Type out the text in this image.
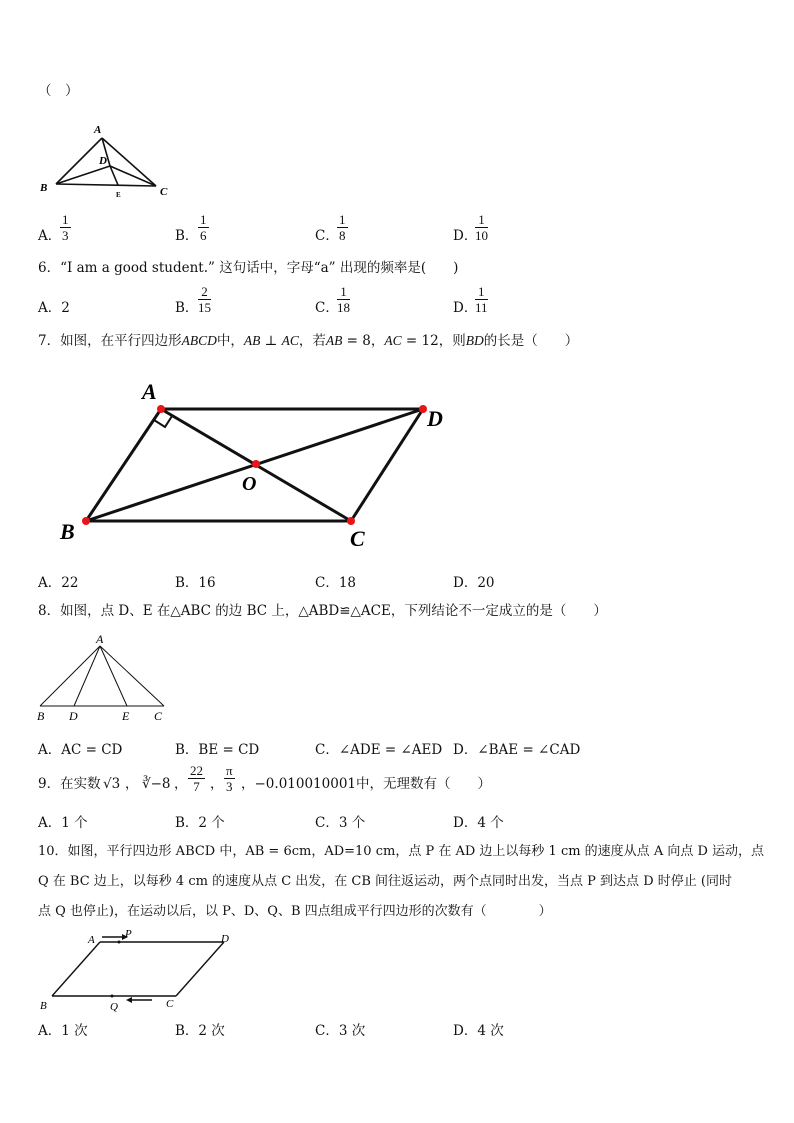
（　）
A
B	C
D
E
A．
$\frac{1}{3}$	B． $\frac{1}{6}$	C．
$\frac{1}{8}$	D．
$\frac{1}{10}$
6．“I am a good student.” 这句话中，字母“a” 出现的频率是(　　)
A．2	B． $\frac{2}{15}$	C．
$\frac{1}{18}$	D．
$\frac{1}{11}$
7．如图，在平行四边形ABCD中，AB ⊥ AC，若AB = 8，AC = 12，则BD的长是（　　）
A
D
B	C
O
A．22	B．16	C．18	D．20
8．如图，点 D、E 在△ABC 的边 BC 上，△ABD≌△ACE，下列结论不一定成立的是（　　）
A
B D	E C
A．AC = CD	B．BE = CD	C．∠ADE = ∠AED D．∠BAE = ∠CAD
9．在实数 √3 ， ∛−8 ， $\frac{22}{7}$ ， $\frac{\pi}{3}$ ，−0.010010001中，无理数有（　　）
A．1 个	B．2 个	C．3 个	D．4 个
10．如图，平行四边形 ABCD 中，AB = 6cm，AD=10 cm，点 P 在 AD 边上以每秒 1 cm 的速度从点 A 向点 D 运动，点
Q 在 BC 边上，以每秒 4 cm 的速度从点 C 出发，在 CB 间往返运动，两个点同时出发，当点 P 到达点 D 时停止 (同时
点 Q 也停止)，在运动以后，以 P、D、Q、B 四点组成平行四边形的次数有（　　　　）
A	P	D
B	Q	C
A．1 次	B．2 次	C．3 次	D．4 次
